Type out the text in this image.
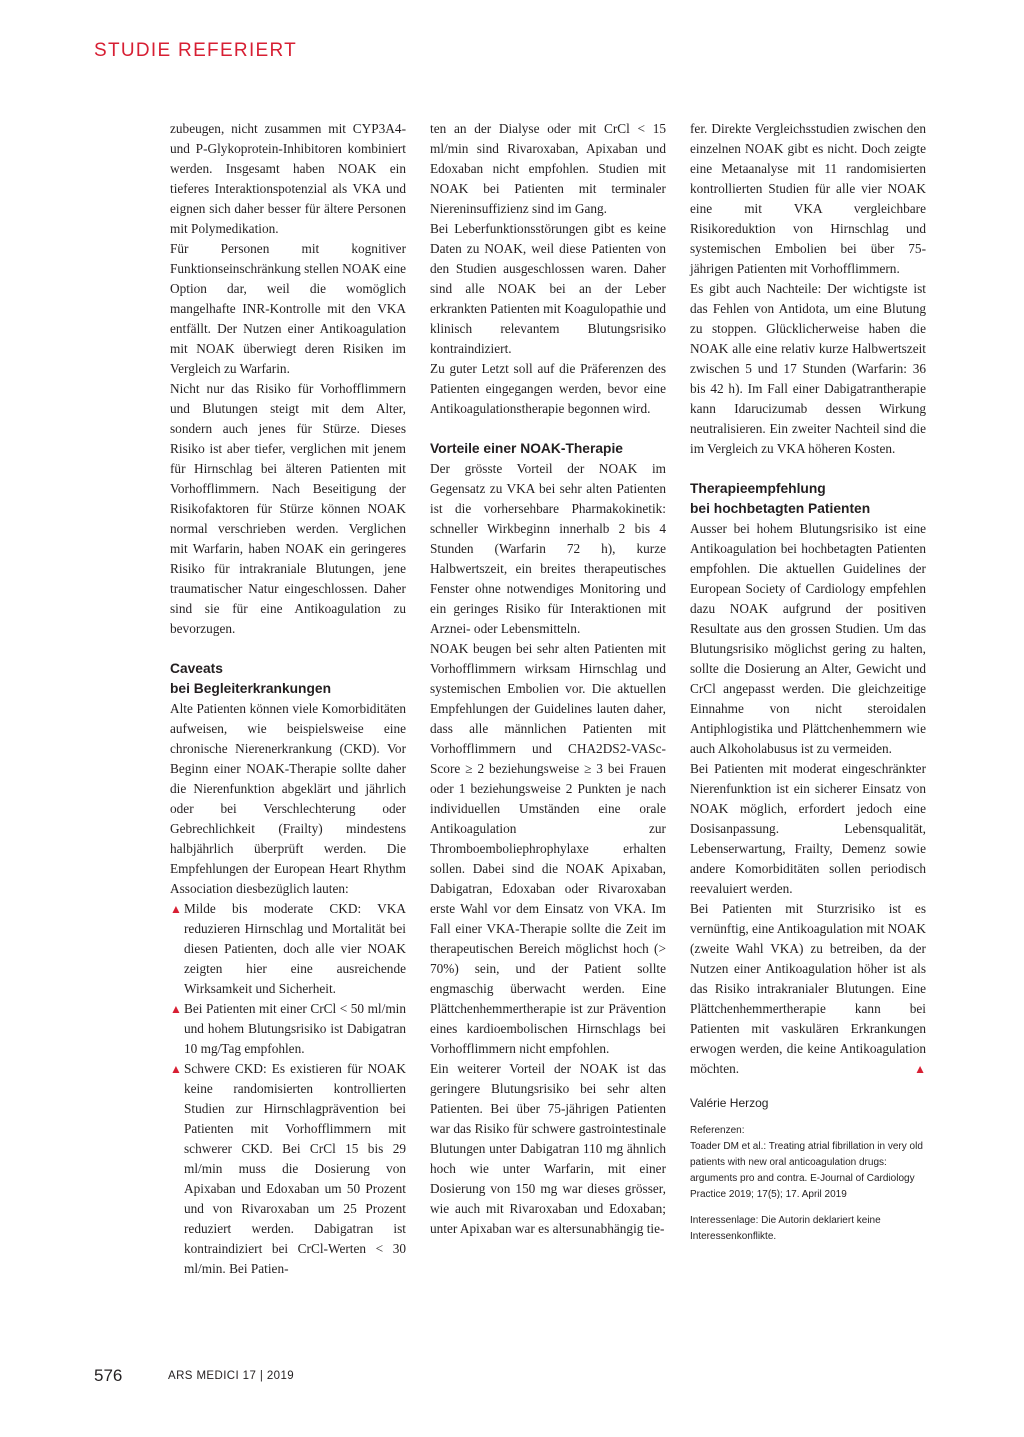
STUDIE REFERIERT

zubeugen, nicht zusammen mit CYP3A4- und P-Glykoprotein-Inhibitoren kombiniert werden. Insgesamt haben NOAK ein tieferes Interaktionspotenzial als VKA und eignen sich daher besser für ältere Personen mit Polymedikation.

Für Personen mit kognitiver Funktionseinschränkung stellen NOAK eine Option dar, weil die womöglich mangelhafte INR-Kontrolle mit den VKA entfällt. Der Nutzen einer Antikoagulation mit NOAK überwiegt deren Risiken im Vergleich zu Warfarin.

Nicht nur das Risiko für Vorhofflimmern und Blutungen steigt mit dem Alter, sondern auch jenes für Stürze. Dieses Risiko ist aber tiefer, verglichen mit jenem für Hirnschlag bei älteren Patienten mit Vorhofflimmern. Nach Beseitigung der Risikofaktoren für Stürze können NOAK normal verschrieben werden. Verglichen mit Warfarin, haben NOAK ein geringeres Risiko für intrakraniale Blutungen, jene traumatischer Natur eingeschlossen. Daher sind sie für eine Antikoagulation zu bevorzugen.

Caveats
bei Begleiterkrankungen

Alte Patienten können viele Komorbiditäten aufweisen, wie beispielsweise eine chronische Nierenerkrankung (CKD). Vor Beginn einer NOAK-Therapie sollte daher die Nierenfunktion abgeklärt und jährlich oder bei Verschlechterung oder Gebrechlichkeit (Frailty) mindestens halbjährlich überprüft werden. Die Empfehlungen der European Heart Rhythm Association diesbezüglich lauten:

▲ Milde bis moderate CKD: VKA reduzieren Hirnschlag und Mortalität bei diesen Patienten, doch alle vier NOAK zeigten hier eine ausreichende Wirksamkeit und Sicherheit.
▲ Bei Patienten mit einer CrCl < 50 ml/min und hohem Blutungsrisiko ist Dabigatran 10 mg/Tag empfohlen.
▲ Schwere CKD: Es existieren für NOAK keine randomisierten kontrollierten Studien zur Hirnschlagprävention bei Patienten mit Vorhofflimmern mit schwerer CKD. Bei CrCl 15 bis 29 ml/min muss die Dosierung von Apixaban und Edoxaban um 50 Prozent und von Rivaroxaban um 25 Prozent reduziert werden. Dabigatran ist kontraindiziert bei CrCl-Werten < 30 ml/min. Bei Patien-

ten an der Dialyse oder mit CrCl < 15 ml/min sind Rivaroxaban, Apixaban und Edoxaban nicht empfohlen. Studien mit NOAK bei Patienten mit terminaler Niereninsuffizienz sind im Gang.

Bei Leberfunktionsstörungen gibt es keine Daten zu NOAK, weil diese Patienten von den Studien ausgeschlossen waren. Daher sind alle NOAK bei an der Leber erkrankten Patienten mit Koagulopathie und klinisch relevantem Blutungsrisiko kontraindiziert.

Zu guter Letzt soll auf die Präferenzen des Patienten eingegangen werden, bevor eine Antikoagulationstherapie begonnen wird.

Vorteile einer NOAK-Therapie

Der grösste Vorteil der NOAK im Gegensatz zu VKA bei sehr alten Patienten ist die vorhersehbare Pharmakokinetik: schneller Wirkbeginn innerhalb 2 bis 4 Stunden (Warfarin 72 h), kurze Halbwertszeit, ein breites therapeutisches Fenster ohne notwendiges Monitoring und ein geringes Risiko für Interaktionen mit Arznei- oder Lebensmitteln.

NOAK beugen bei sehr alten Patienten mit Vorhofflimmern wirksam Hirnschlag und systemischen Embolien vor. Die aktuellen Empfehlungen der Guidelines lauten daher, dass alle männlichen Patienten mit Vorhofflimmern und CHA2DS2-VASc-Score ≥ 2 beziehungsweise ≥ 3 bei Frauen oder 1 beziehungsweise 2 Punkten je nach individuellen Umständen eine orale Antikoagulation zur Thromboemboliephrophylaxe erhalten sollen. Dabei sind die NOAK Apixaban, Dabigatran, Edoxaban oder Rivaroxaban erste Wahl vor dem Einsatz von VKA. Im Fall einer VKA-Therapie sollte die Zeit im therapeutischen Bereich möglichst hoch (> 70%) sein, und der Patient sollte engmaschig überwacht werden. Eine Plättchenhemmertherapie ist zur Prävention eines kardioembolischen Hirnschlags bei Vorhofflimmern nicht empfohlen.

Ein weiterer Vorteil der NOAK ist das geringere Blutungsrisiko bei sehr alten Patienten. Bei über 75-jährigen Patienten war das Risiko für schwere gastrointestinale Blutungen unter Dabigatran 110 mg ähnlich hoch wie unter Warfarin, mit einer Dosierung von 150 mg war dieses grösser, wie auch mit Rivaroxaban und Edoxaban; unter Apixaban war es altersunabhängig tie-

fer. Direkte Vergleichsstudien zwischen den einzelnen NOAK gibt es nicht. Doch zeigte eine Metaanalyse mit 11 randomisierten kontrollierten Studien für alle vier NOAK eine mit VKA vergleichbare Risikoreduktion von Hirnschlag und systemischen Embolien bei über 75-jährigen Patienten mit Vorhofflimmern.

Es gibt auch Nachteile: Der wichtigste ist das Fehlen von Antidota, um eine Blutung zu stoppen. Glücklicherweise haben die NOAK alle eine relativ kurze Halbwertszeit zwischen 5 und 17 Stunden (Warfarin: 36 bis 42 h). Im Fall einer Dabigatrantherapie kann Idarucizumab dessen Wirkung neutralisieren. Ein zweiter Nachteil sind die im Vergleich zu VKA höheren Kosten.

Therapieempfehlung
bei hochbetagten Patienten

Ausser bei hohem Blutungsrisiko ist eine Antikoagulation bei hochbetagten Patienten empfohlen. Die aktuellen Guidelines der European Society of Cardiology empfehlen dazu NOAK aufgrund der positiven Resultate aus den grossen Studien. Um das Blutungsrisiko möglichst gering zu halten, sollte die Dosierung an Alter, Gewicht und CrCl angepasst werden. Die gleichzeitige Einnahme von nicht steroidalen Antiphlogistika und Plättchenhemmern wie auch Alkoholabusus ist zu vermeiden.

Bei Patienten mit moderat eingeschränkter Nierenfunktion ist ein sicherer Einsatz von NOAK möglich, erfordert jedoch eine Dosisanpassung. Lebensqualität, Lebenserwartung, Frailty, Demenz sowie andere Komorbiditäten sollen periodisch reevaluiert werden.

Bei Patienten mit Sturzrisiko ist es vernünftig, eine Antikoagulation mit NOAK (zweite Wahl VKA) zu betreiben, da der Nutzen einer Antikoagulation höher ist als das Risiko intrakranialer Blutungen. Eine Plättchenhemmertherapie kann bei Patienten mit vaskulären Erkrankungen erwogen werden, die keine Antikoagulation möchten.	▲

Valérie Herzog

Referenzen:

Toader DM et al.: Treating atrial fibrillation in very old patients with new oral anticoagulation drugs: arguments pro and contra. E-Journal of Cardiology Practice 2019; 17(5); 17. April 2019

Interessenlage: Die Autorin deklariert keine Interessenkonflikte.

576	ARS MEDICI 17 | 2019
